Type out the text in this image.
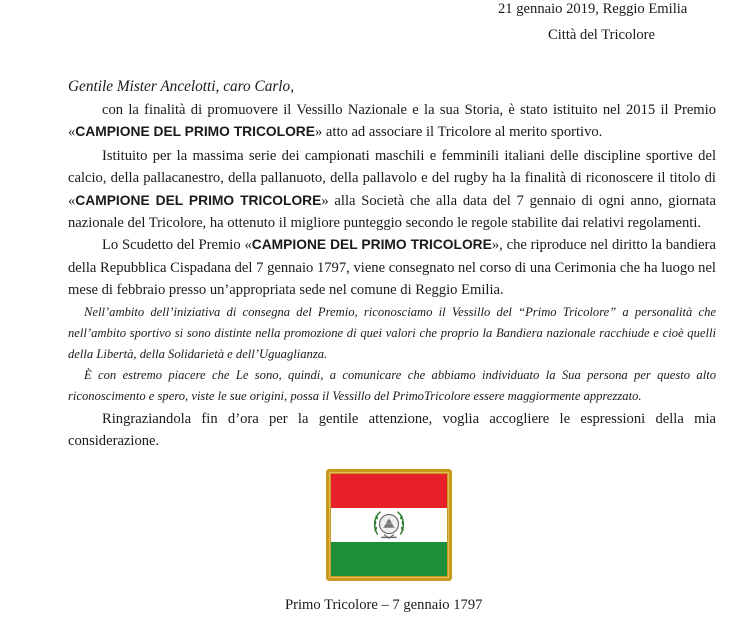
21 gennaio 2019, Reggio Emilia
Città del Tricolore

Gentile Mister Ancelotti, caro Carlo,

con la finalità di promuovere il Vessillo Nazionale e la sua Storia, è stato istituito nel 2015 il Premio «CAMPIONE DEL PRIMO TRICOLORE» atto ad associare il Tricolore al merito sportivo.

Istituito per la massima serie dei campionati maschili e femminili italiani delle discipline sportive del calcio, della pallacanestro, della pallanuoto, della pallavolo e del rugby ha la finalità di riconoscere il titolo di «CAMPIONE DEL PRIMO TRICOLORE» alla Società che alla data del 7 gennaio di ogni anno, giornata nazionale del Tricolore, ha ottenuto il migliore punteggio secondo le regole stabilite dai relativi regolamenti.

Lo Scudetto del Premio «CAMPIONE DEL PRIMO TRICOLORE», che riproduce nel diritto la bandiera della Repubblica Cispadana del 7 gennaio 1797, viene consegnato nel corso di una Cerimonia che ha luogo nel mese di febbraio presso un’appropriata sede nel comune di Reggio Emilia.

Nell’ambito dell’iniziativa di consegna del Premio, riconosciamo il Vessillo del “Primo Tricolore” a personalità che nell’ambito sportivo si sono distinte nella promozione di quei valori che proprio la Bandiera nazionale racchiude e cioè quelli della Libertà, della Solidarietà e dell’Uguaglianza.

È con estremo piacere che Le sono, quindi, a comunicare che abbiamo individuato la Sua persona per questo alto riconoscimento e spero, viste le sue origini, possa il Vessillo del PrimoTricolore essere maggiormente apprezzato.

Ringraziandola fin d’ora per la gentile attenzione, voglia accogliere le espressioni della mia considerazione.

Primo Tricolore – 7 gennaio 1797
